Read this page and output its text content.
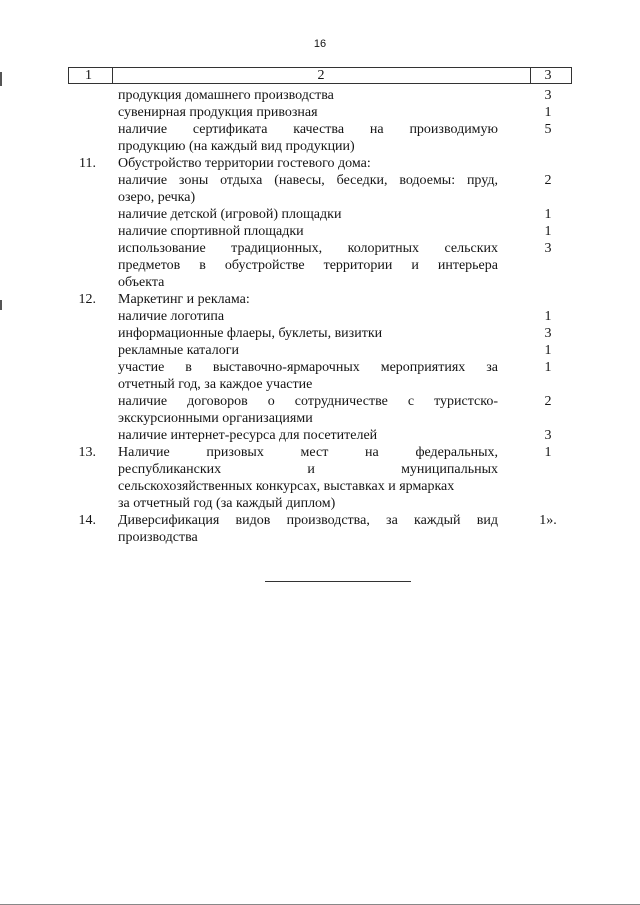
16
1	2	3
продукция домашнего производства	3
сувенирная продукция привозная	1
наличие сертификата качества на производимую	5
продукцию (на каждый вид продукции)
11. Обустройство территории гостевого дома:
наличие зоны отдыха (навесы, беседки, водоемы: пруд,	2
озеро, речка)
наличие детской (игровой) площадки	1
наличие спортивной площадки	1
использование традиционных, колоритных сельских	3
предметов в обустройстве территории и интерьера
объекта
12. Маркетинг и реклама:
наличие логотипа	1
информационные флаеры, буклеты, визитки	3
рекламные каталоги	1
участие в выставочно-ярмарочных мероприятиях за	1
отчетный год, за каждое участие
наличие договоров о сотрудничестве с туристско-	2
экскурсионными организациями
наличие интернет-ресурса для посетителей	3
13. Наличие призовых мест на федеральных,	1
республиканских и муниципальных
сельскохозяйственных конкурсах, выставках и ярмарках
за отчетный год (за каждый диплом)
14. Диверсификация видов производства, за каждый вид	1».
производства
